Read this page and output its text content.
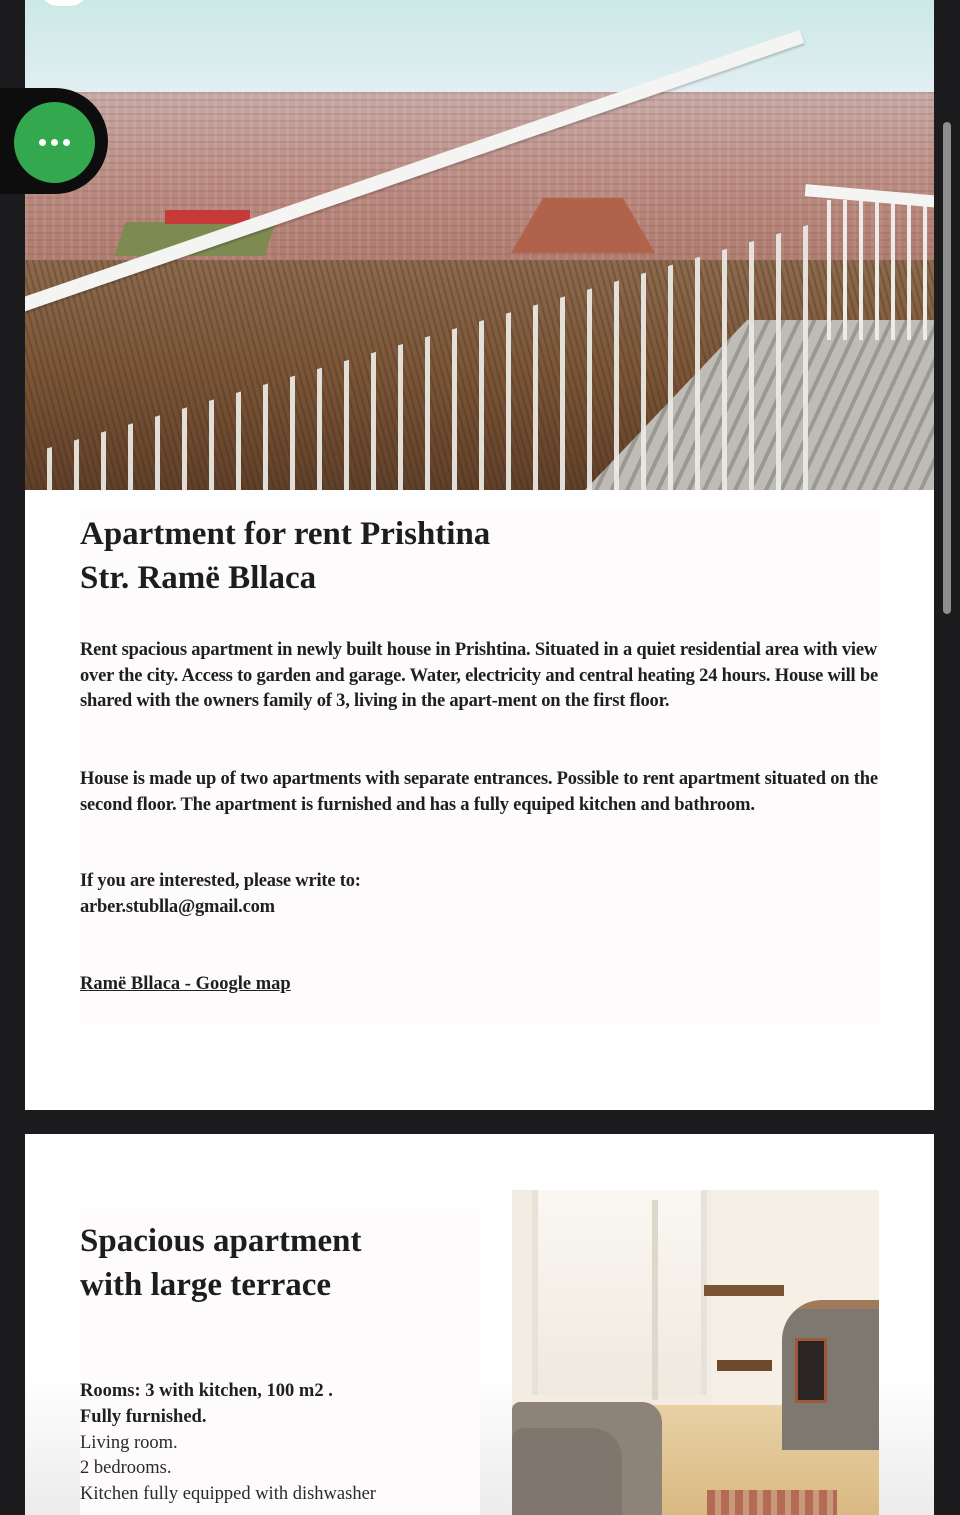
Apartment for rent Prishtina
Str. Ramë Bllaca

Rent spacious apartment in newly built house in Prishtina. Situated in a quiet residential area with view over the city. Access to garden and garage. Water, electricity and central heating 24 hours. House will be shared with the owners family of 3, living in the apart-ment on the first floor.

House is made up of two apartments with separate entrances. Possible to rent apartment situated on the second floor. The apartment is furnished and has a fully equiped kitchen and bathroom.

If you are interested, please write to:
arber.stublla@gmail.com
Ramë Bllaca - Google map
Spacious apartment
with large terrace
Rooms: 3 with kitchen, 100 m2 .
Fully furnished.
Living room.
2 bedrooms.
Kitchen fully equipped with dishwasher
